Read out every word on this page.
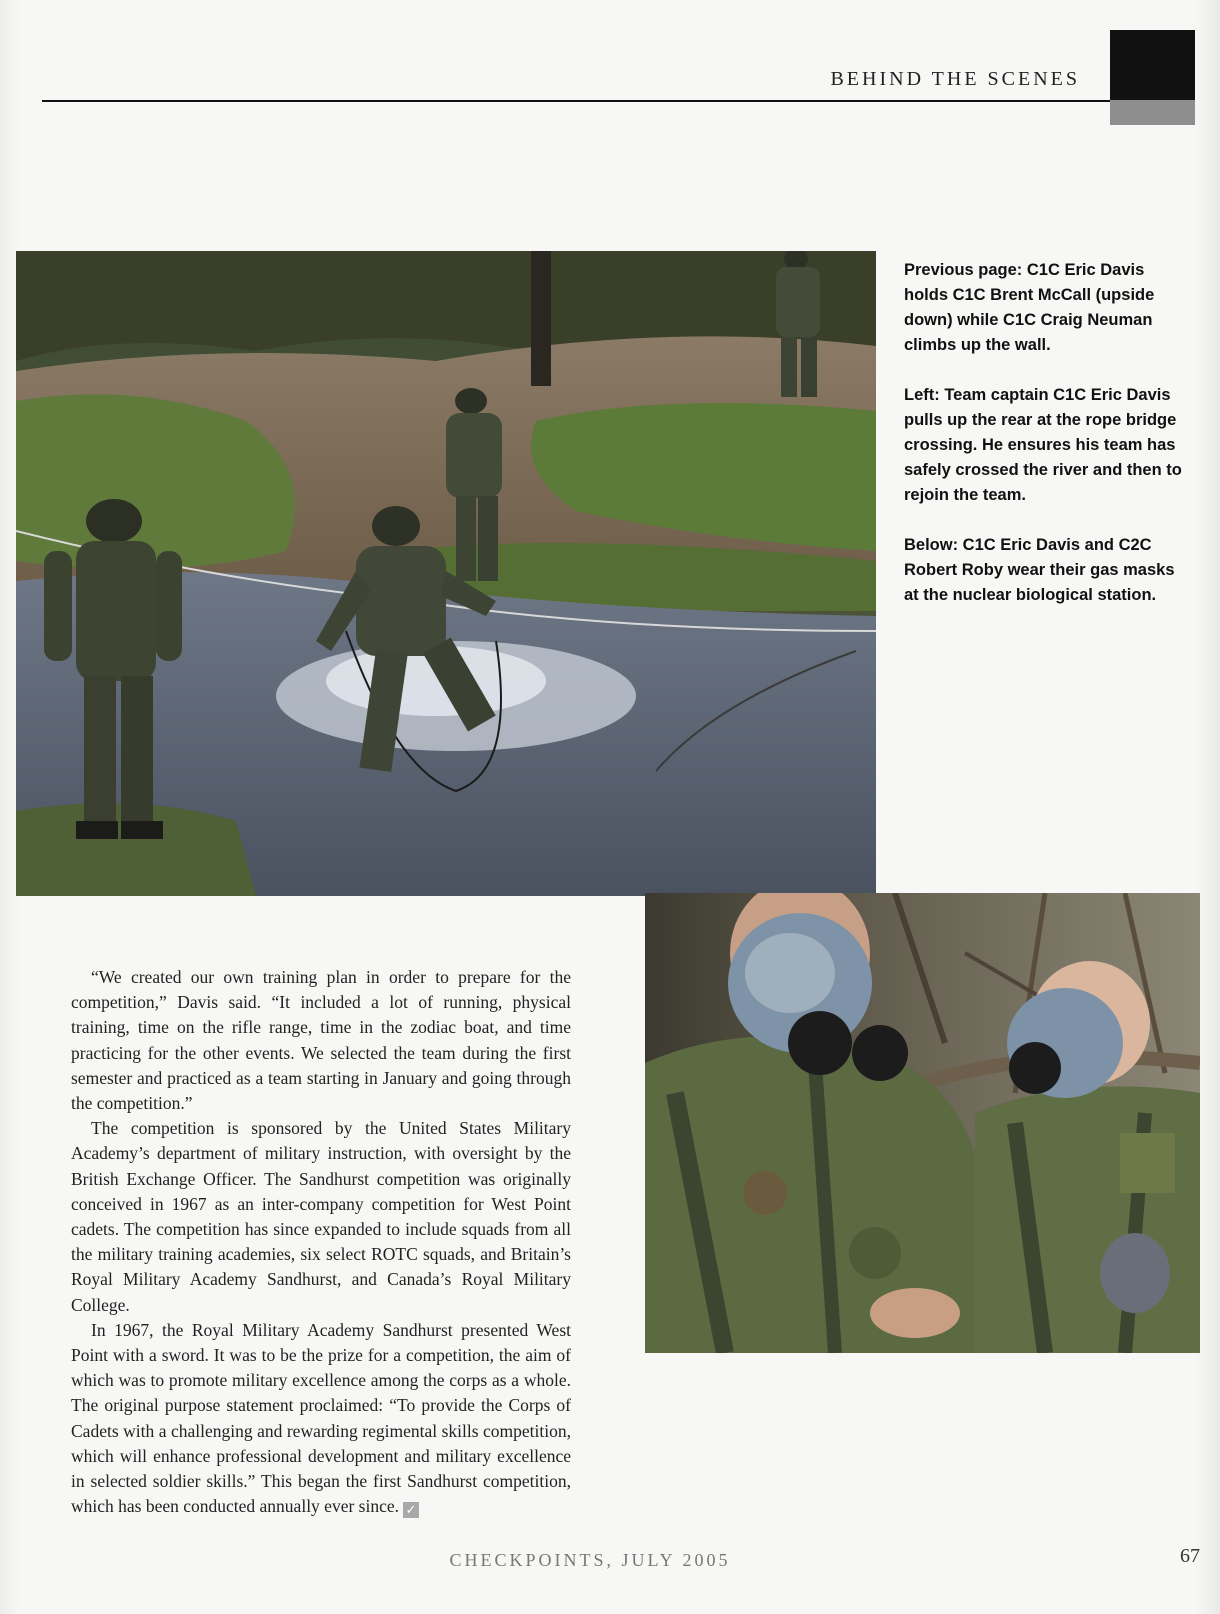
BEHIND THE SCENES

Previous page: C1C Eric Davis holds C1C Brent McCall (upside down) while C1C Craig Neuman climbs up the wall.

Left: Team captain C1C Eric Davis pulls up the rear at the rope bridge crossing. He ensures his team has safely crossed the river and then to rejoin the team.

Below: C1C Eric Davis and C2C Robert Roby wear their gas masks at the nuclear biological station.

“We created our own training plan in order to prepare for the competition,” Davis said. “It included a lot of running, physical training, time on the rifle range, time in the zodiac boat, and time practicing for the other events. We selected the team during the first semester and practiced as a team starting in January and going through the competition.”

The competition is sponsored by the United States Military Academy’s department of military instruction, with oversight by the British Exchange Officer. The Sandhurst competition was originally conceived in 1967 as an inter-company competition for West Point cadets. The competition has since expanded to include squads from all the military training academies, six select ROTC squads, and Britain’s Royal Military Academy Sandhurst, and Canada’s Royal Military College.

In 1967, the Royal Military Academy Sandhurst presented West Point with a sword. It was to be the prize for a competition, the aim of which was to promote military excellence among the corps as a whole. The original purpose statement proclaimed: “To provide the Corps of Cadets with a challenging and rewarding regimental skills competition, which will enhance professional development and military excellence in selected soldier skills.” This began the first Sandhurst competition, which has been conducted annually ever since. ✓

CHECKPOINTS, JULY 2005	67
